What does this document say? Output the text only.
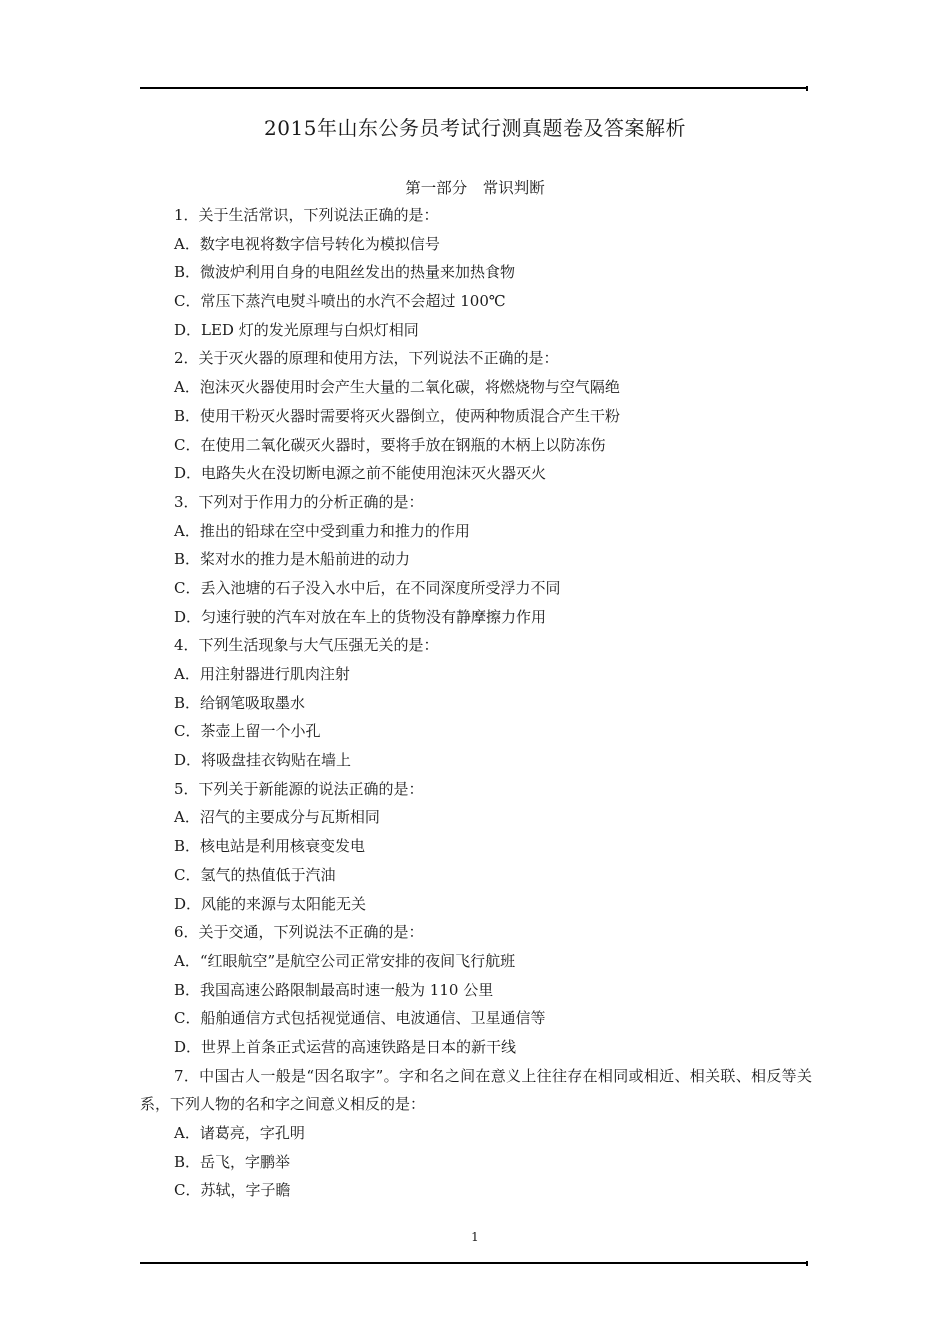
2015年山东公务员考试行测真题卷及答案解析
第一部分　常识判断
1．关于生活常识，下列说法正确的是：
A．数字电视将数字信号转化为模拟信号
B．微波炉利用自身的电阻丝发出的热量来加热食物
C．常压下蒸汽电熨斗喷出的水汽不会超过 100℃
D．LED 灯的发光原理与白炽灯相同
2．关于灭火器的原理和使用方法，下列说法不正确的是：
A．泡沫灭火器使用时会产生大量的二氧化碳，将燃烧物与空气隔绝
B．使用干粉灭火器时需要将灭火器倒立，使两种物质混合产生干粉
C．在使用二氧化碳灭火器时，要将手放在钢瓶的木柄上以防冻伤
D．电路失火在没切断电源之前不能使用泡沫灭火器灭火
3．下列对于作用力的分析正确的是：
A．推出的铅球在空中受到重力和推力的作用
B．桨对水的推力是木船前进的动力
C．丢入池塘的石子没入水中后，在不同深度所受浮力不同
D．匀速行驶的汽车对放在车上的货物没有静摩擦力作用
4．下列生活现象与大气压强无关的是：
A．用注射器进行肌肉注射
B．给钢笔吸取墨水
C．茶壶上留一个小孔
D．将吸盘挂衣钩贴在墙上
5．下列关于新能源的说法正确的是：
A．沼气的主要成分与瓦斯相同
B．核电站是利用核衰变发电
C．氢气的热值低于汽油
D．风能的来源与太阳能无关
6．关于交通，下列说法不正确的是：
A．“红眼航空”是航空公司正常安排的夜间飞行航班
B．我国高速公路限制最高时速一般为 110 公里
C．船舶通信方式包括视觉通信、电波通信、卫星通信等
D．世界上首条正式运营的高速铁路是日本的新干线
7．中国古人一般是“因名取字”。字和名之间在意义上往往存在相同或相近、相关联、相反等关系，下列人物的名和字之间意义相反的是：
A．诸葛亮，字孔明
B．岳飞，字鹏举
C．苏轼，字子瞻
1
